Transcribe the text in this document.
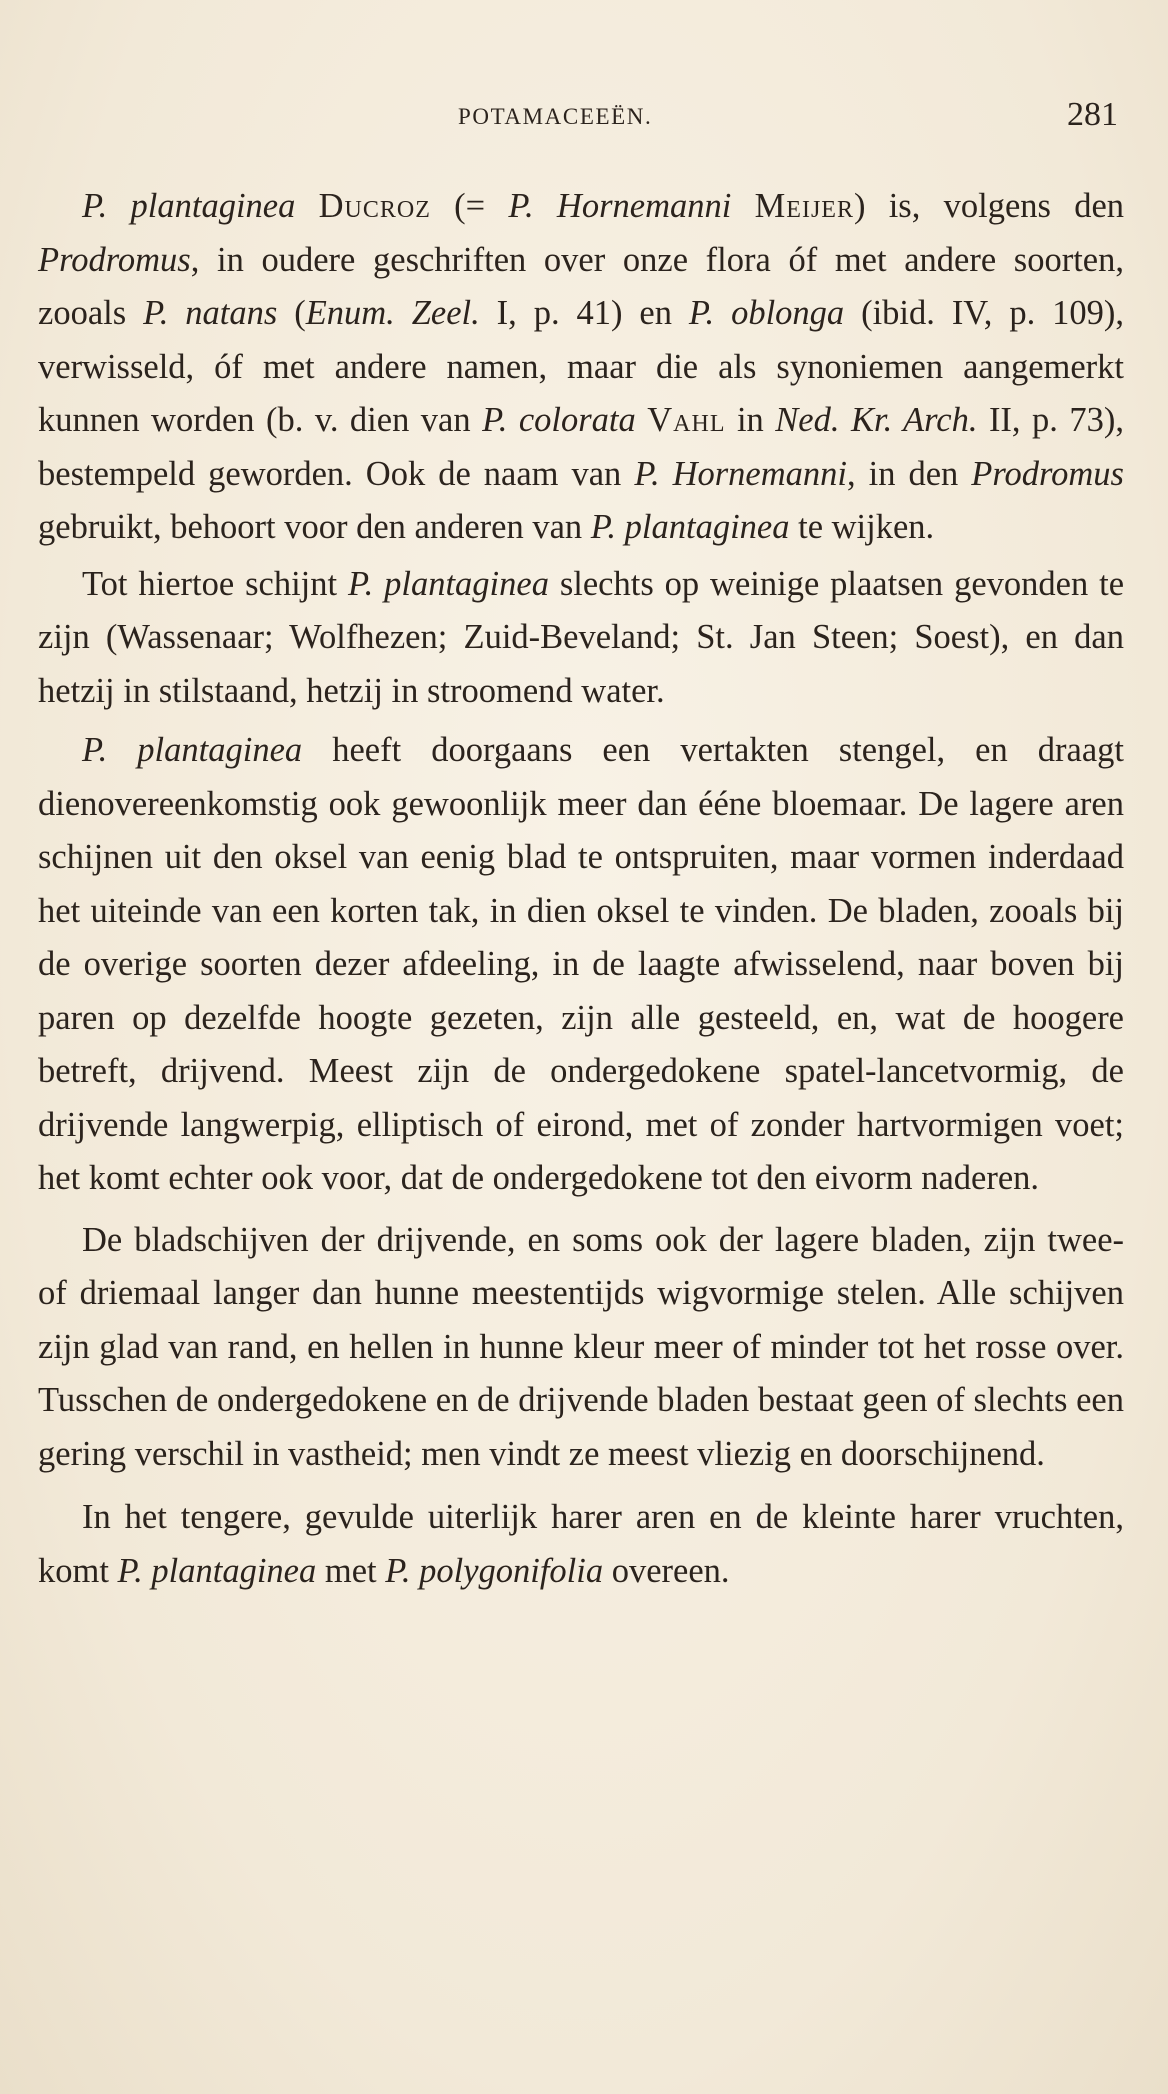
POTAMACEEËN.	281

P. plantaginea Ducroz (= P. Hornemanni Meijer) is, volgens den Prodromus, in oudere geschriften over onze flora óf met andere soorten, zooals P. natans (Enum. Zeel. I, p. 41) en P. oblonga (ibid. IV, p. 109), verwisseld, óf met andere namen, maar die als synoniemen aangemerkt kunnen worden (b. v. dien van P. colorata Vahl in Ned. Kr. Arch. II, p. 73), bestempeld geworden. Ook de naam van P. Hornemanni, in den Prodromus gebruikt, behoort voor den anderen van P. plantaginea te wijken.

Tot hiertoe schijnt P. plantaginea slechts op weinige plaatsen gevonden te zijn (Wassenaar; Wolfhezen; Zuid-Beveland; St. Jan Steen; Soest), en dan hetzij in stilstaand, hetzij in stroomend water.

P. plantaginea heeft doorgaans een vertakten stengel, en draagt dienovereenkomstig ook gewoonlijk meer dan ééne bloemaar. De lagere aren schijnen uit den oksel van eenig blad te ontspruiten, maar vormen inderdaad het uiteinde van een korten tak, in dien oksel te vinden. De bladen, zooals bij de overige soorten dezer afdeeling, in de laagte afwisselend, naar boven bij paren op dezelfde hoogte gezeten, zijn alle gesteeld, en, wat de hoogere betreft, drijvend. Meest zijn de ondergedokene spatel-lancetvormig, de drijvende langwerpig, elliptisch of eirond, met of zonder hartvormigen voet; het komt echter ook voor, dat de ondergedokene tot den eivorm naderen.

De bladschijven der drijvende, en soms ook der lagere bladen, zijn twee- of driemaal langer dan hunne meestentijds wigvormige stelen. Alle schijven zijn glad van rand, en hellen in hunne kleur meer of minder tot het rosse over. Tusschen de ondergedokene en de drijvende bladen bestaat geen of slechts een gering verschil in vastheid; men vindt ze meest vliezig en doorschijnend.

In het tengere, gevulde uiterlijk harer aren en de kleinte harer vruchten, komt P. plantaginea met P. polygonifolia overeen.
